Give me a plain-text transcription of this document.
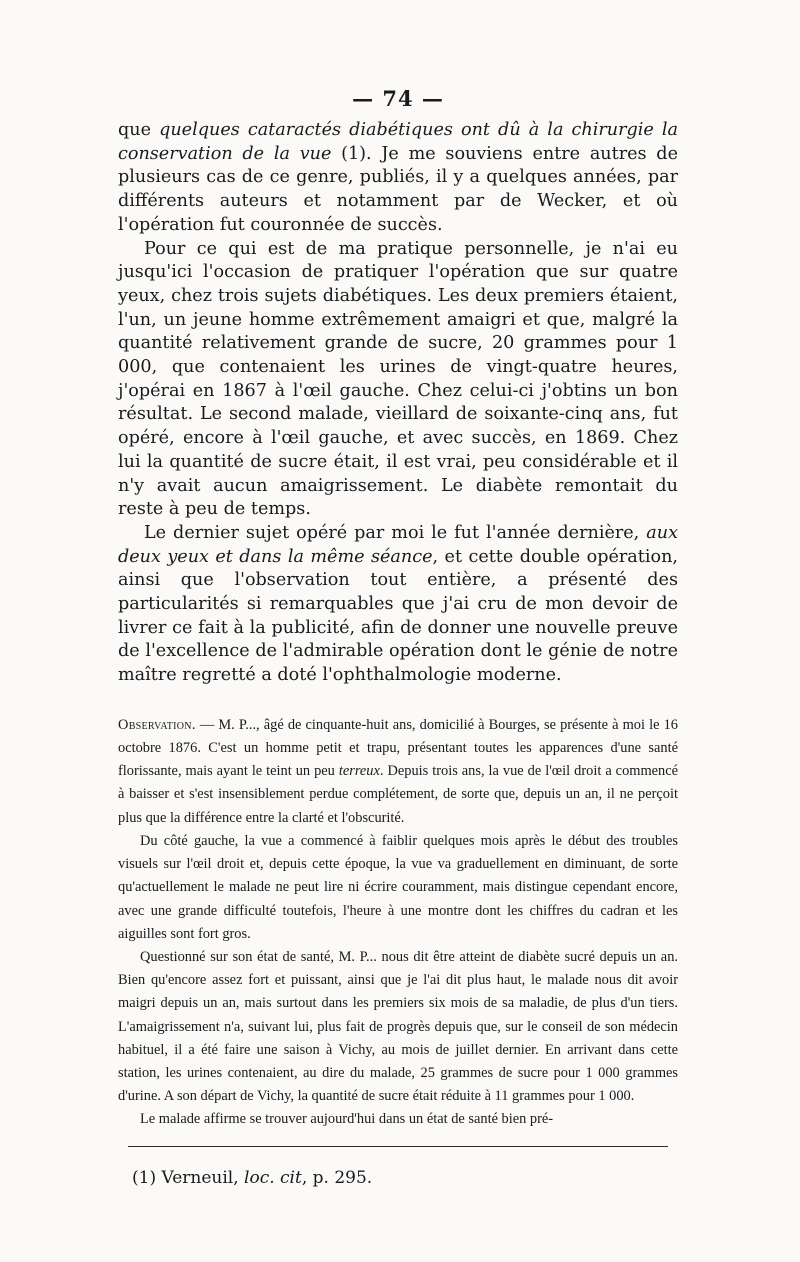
— 74 —

que quelques cataractés diabétiques ont dû à la chirurgie la conservation de la vue (1). Je me souviens entre autres de plusieurs cas de ce genre, publiés, il y a quelques années, par différents auteurs et notamment par de Wecker, et où l'opération fut couronnée de succès.

Pour ce qui est de ma pratique personnelle, je n'ai eu jusqu'ici l'occasion de pratiquer l'opération que sur quatre yeux, chez trois sujets diabétiques. Les deux premiers étaient, l'un, un jeune homme extrêmement amaigri et que, malgré la quantité relativement grande de sucre, 20 grammes pour 1 000, que contenaient les urines de vingt-quatre heures, j'opérai en 1867 à l'œil gauche. Chez celui-ci j'obtins un bon résultat. Le second malade, vieillard de soixante-cinq ans, fut opéré, encore à l'œil gauche, et avec succès, en 1869. Chez lui la quantité de sucre était, il est vrai, peu considérable et il n'y avait aucun amaigrissement. Le diabète remontait du reste à peu de temps.

Le dernier sujet opéré par moi le fut l'année dernière, aux deux yeux et dans la même séance, et cette double opération, ainsi que l'observation tout entière, a présenté des particularités si remarquables que j'ai cru de mon devoir de livrer ce fait à la publicité, afin de donner une nouvelle preuve de l'excellence de l'admirable opération dont le génie de notre maître regretté a doté l'ophthalmologie moderne.

Observation. — M. P..., âgé de cinquante-huit ans, domicilié à Bourges, se présente à moi le 16 octobre 1876. C'est un homme petit et trapu, présentant toutes les apparences d'une santé florissante, mais ayant le teint un peu terreux. Depuis trois ans, la vue de l'œil droit a commencé à baisser et s'est insensiblement perdue complétement, de sorte que, depuis un an, il ne perçoit plus que la différence entre la clarté et l'obscurité.

Du côté gauche, la vue a commencé à faiblir quelques mois après le début des troubles visuels sur l'œil droit et, depuis cette époque, la vue va graduellement en diminuant, de sorte qu'actuellement le malade ne peut lire ni écrire couramment, mais distingue cependant encore, avec une grande difficulté toutefois, l'heure à une montre dont les chiffres du cadran et les aiguilles sont fort gros.

Questionné sur son état de santé, M. P... nous dit être atteint de diabète sucré depuis un an. Bien qu'encore assez fort et puissant, ainsi que je l'ai dit plus haut, le malade nous dit avoir maigri depuis un an, mais surtout dans les premiers six mois de sa maladie, de plus d'un tiers. L'amaigrissement n'a, suivant lui, plus fait de progrès depuis que, sur le conseil de son médecin habituel, il a été faire une saison à Vichy, au mois de juillet dernier. En arrivant dans cette station, les urines contenaient, au dire du malade, 25 grammes de sucre pour 1 000 grammes d'urine. A son départ de Vichy, la quantité de sucre était réduite à 11 grammes pour 1 000.

Le malade affirme se trouver aujourd'hui dans un état de santé bien pré-

(1) Verneuil, loc. cit, p. 295.
